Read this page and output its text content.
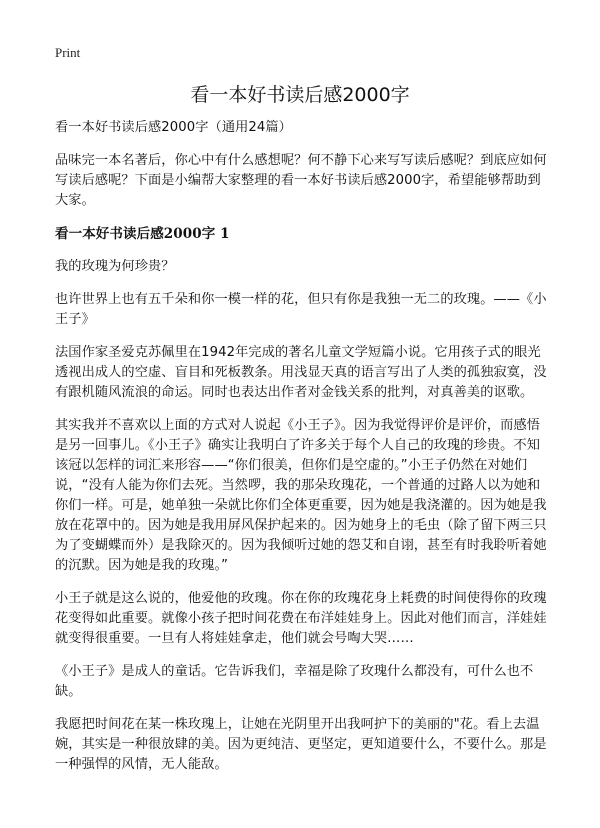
Print
看一本好书读后感2000字

看一本好书读后感2000字（通用24篇）

品味完一本名著后，你心中有什么感想呢？何不静下心来写写读后感呢？到底应如何写读后感呢？下面是小编帮大家整理的看一本好书读后感2000字，希望能够帮助到大家。

看一本好书读后感2000字 1

我的玫瑰为何珍贵？

也许世界上也有五千朵和你一模一样的花，但只有你是我独一无二的玫瑰。——《小王子》

法国作家圣爱克苏佩里在1942年完成的著名儿童文学短篇小说。它用孩子式的眼光透视出成人的空虚、盲目和死板教条。用浅显天真的语言写出了人类的孤独寂寞，没有跟机随风流浪的命运。同时也表达出作者对金钱关系的批判，对真善美的讴歌。

其实我并不喜欢以上面的方式对人说起《小王子》。因为我觉得评价是评价，而感悟是另一回事儿。《小王子》确实让我明白了许多关于每个人自己的玫瑰的珍贵。不知该冠以怎样的词汇来形容——“你们很美，但你们是空虚的。”小王子仍然在对她们说，“没有人能为你们去死。当然啰，我的那朵玫瑰花，一个普通的过路人以为她和你们一样。可是，她单独一朵就比你们全体更重要，因为她是我浇灌的。因为她是我放在花罩中的。因为她是我用屏风保护起来的。因为她身上的毛虫（除了留下两三只为了变蝴蝶而外）是我除灭的。因为我倾听过她的怨艾和自诩，甚至有时我聆听着她的沉默。因为她是我的玫瑰。”

小王子就是这么说的，他爱他的玫瑰。你在你的玫瑰花身上耗费的时间使得你的玫瑰花变得如此重要。就像小孩子把时间花费在布洋娃娃身上。因此对他们而言，洋娃娃就变得很重要。一旦有人将娃娃拿走，他们就会号啕大哭……

《小王子》是成人的童话。它告诉我们，幸福是除了玫瑰什么都没有，可什么也不缺。

我愿把时间花在某一株玫瑰上，让她在光阴里开出我呵护下的美丽的"花。看上去温婉，其实是一种很放肆的美。因为更纯洁、更坚定，更知道要什么，不要什么。那是一种强悍的风情，无人能敌。
